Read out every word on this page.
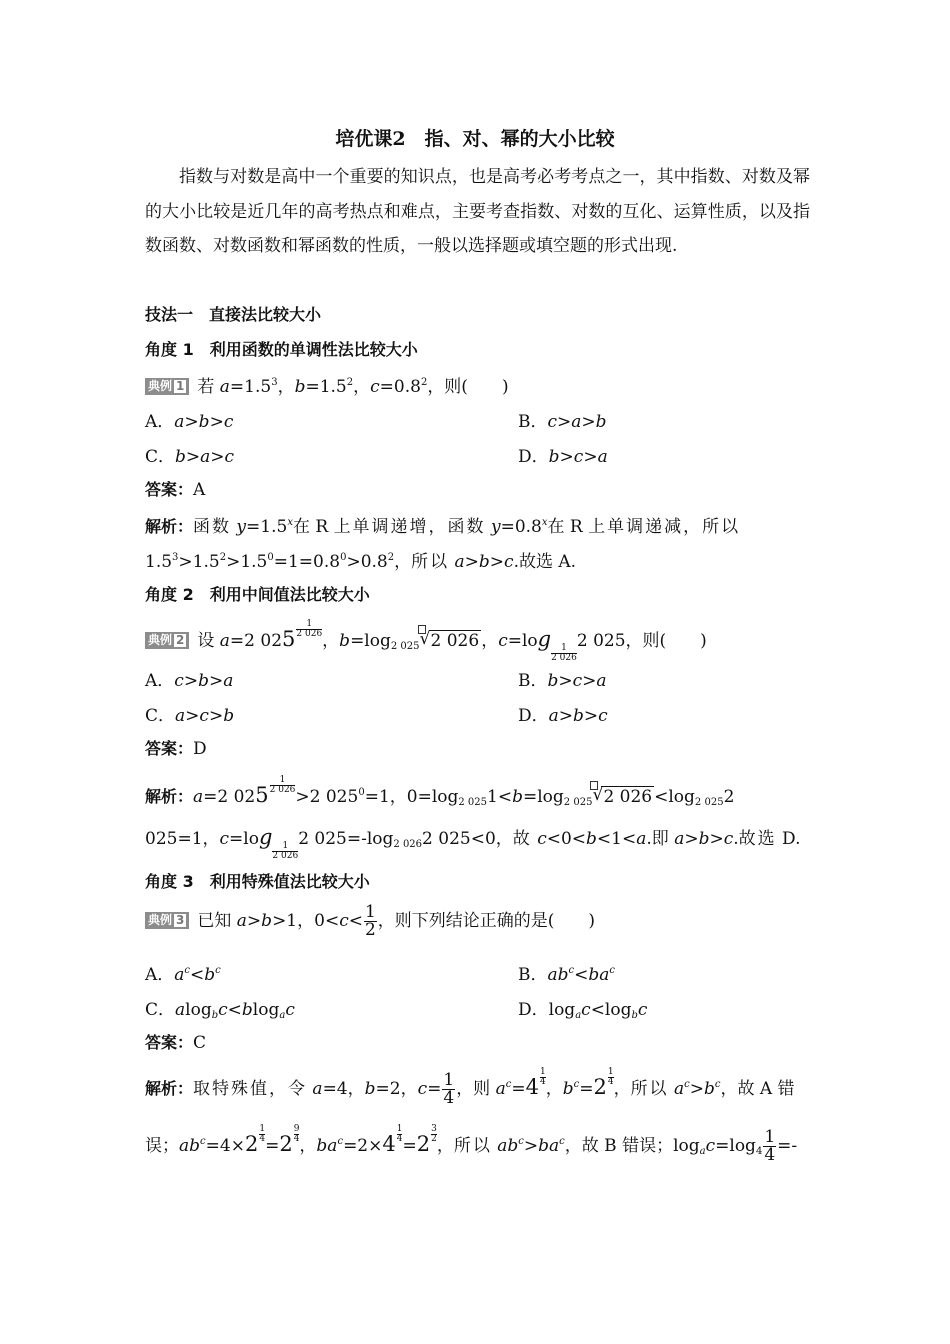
培优课2　指、对、幂的大小比较

指数与对数是高中一个重要的知识点，也是高考必考考点之一，其中指数、对数及幂的大小比较是近几年的高考热点和难点，主要考查指数、对数的互化、运算性质，以及指数函数、对数函数和幂函数的性质，一般以选择题或填空题的形式出现.

技法一　直接法比较大小
角度 1　利用函数的单调性法比较大小
典例 1 若 $a=1.5^3$，$b=1.5^2$，$c=0.8^2$，则(　　)
A．a>b>c	B．c>a>b
C．b>a>c	D．b>c>a
答案：A
解析：函数 $y=1.5^x$在 R 上单调递增，函数 $y=0.8^x$在 R 上单调递减，所以
$1.5^3>1.5^2>1.5^0=1=0.8^0>0.8^2$，所以 a>b>c.故选 A.
角度 2　利用中间值法比较大小
典例 2 设 a=2 $025 \frac{1}{2 026}$
，$b=\log_{2 025}$ √ 2 026 ，c=log
$\frac{1}{2 026}$
2 025，则(　　)
A．c>b>a	B．b>c>a
C．a>c>b	D．a>b>c
答案：D
解析：a=2 $025 \frac{1}{2 026}$
>2 $025^0=1$，$0=\log_{2 025}1<b=\log_{2 025}$ √ 2 $026 <\log_{2 025}2$
025=1，c=log
$\frac{1}{2 026}$
2 $025=-\log_{2 026}2$ 025<0，故 c<0<b<1<a.即 a>b>c.故选 D.
角度 3　利用特殊值法比较大小
典例 3 已知 a>b>1，$0<c< \frac{1}{2}$ ，则下列结论正确的是(　　)
A．$a^c<b^c$	B．$ab^c<ba^c$
C．alog$_b$c<blog$_a$c	D．$\log_ac<\log_bc$
答案：C
解析：取特殊值，令 a=4，b=2，$c= \frac{1}{4}$ ，则 $a^c=4 \frac{1}{4}$
，$b^c=2 \frac{1}{4}$
，所以 $a^c>b^c$，故 A 错
误；$ab^c=4\times 2 \frac{1}{4}$
$=2 \frac{9}{4}$
，$ba^c=2\times 4 \frac{1}{4}$
$=2 \frac{3}{2}$
，所以 $ab^c>ba^c$，故 B 错误；$\log_ac=\log_4 \frac{1}{4}$ =-
